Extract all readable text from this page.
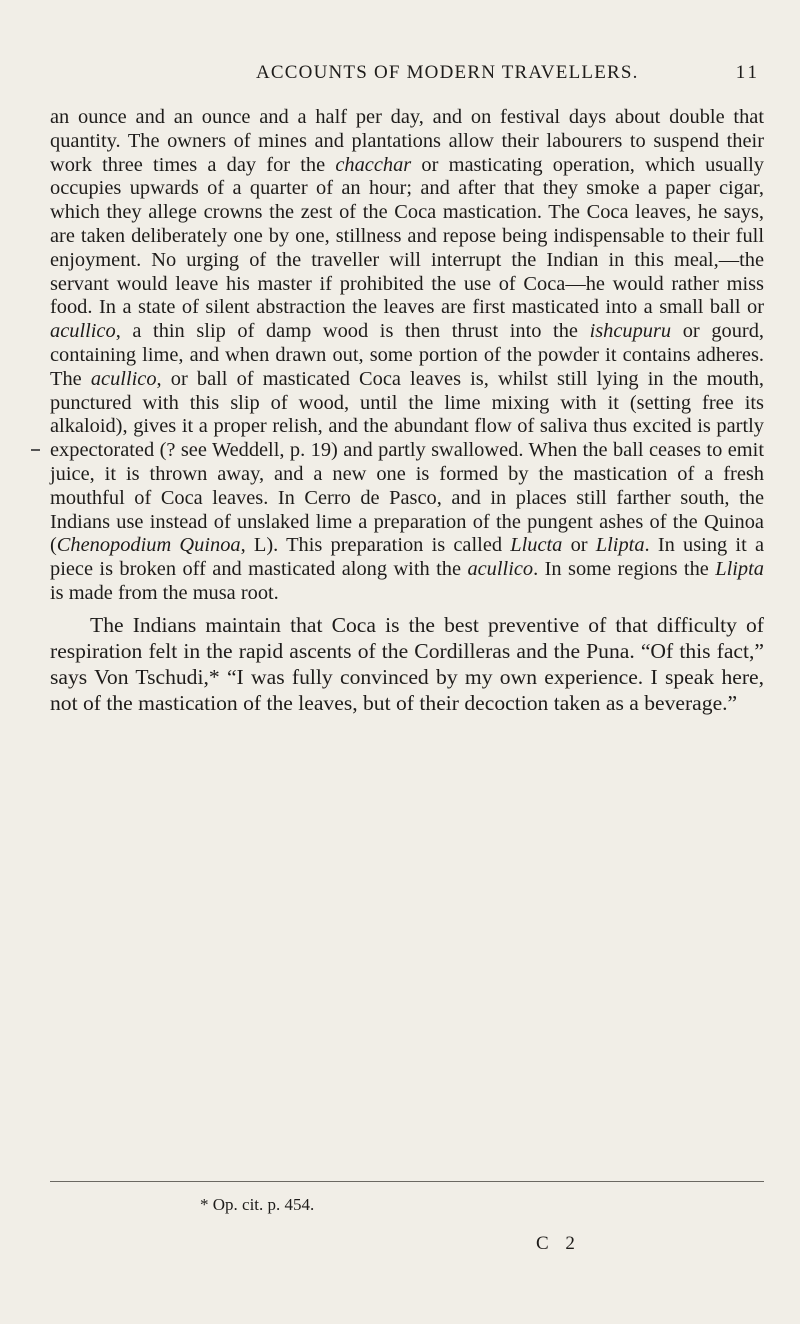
ACCOUNTS OF MODERN TRAVELLERS.	11

an ounce and an ounce and a half per day, and on festival days about double that quantity. The owners of mines and plantations allow their labourers to suspend their work three times a day for the chacchar or masticating operation, which usually occupies upwards of a quarter of an hour; and after that they smoke a paper cigar, which they allege crowns the zest of the Coca mastication. The Coca leaves, he says, are taken deliberately one by one, stillness and repose being indispensable to their full enjoyment. No urging of the traveller will interrupt the Indian in this meal,—the servant would leave his master if prohibited the use of Coca—he would rather miss food. In a state of silent abstraction the leaves are first masticated into a small ball or acullico, a thin slip of damp wood is then thrust into the ishcupuru or gourd, containing lime, and when drawn out, some portion of the powder it contains adheres. The acullico, or ball of masticated Coca leaves is, whilst still lying in the mouth, punctured with this slip of wood, until the lime mixing with it (setting free its alkaloid), gives it a proper relish, and the abundant flow of saliva thus excited is partly expectorated (? see Weddell, p. 19) and partly swallowed. When the ball ceases to emit juice, it is thrown away, and a new one is formed by the mastication of a fresh mouthful of Coca leaves. In Cerro de Pasco, and in places still farther south, the Indians use instead of unslaked lime a preparation of the pungent ashes of the Quinoa (Chenopodium Quinoa, L). This preparation is called Llucta or Llipta. In using it a piece is broken off and masticated along with the acullico. In some regions the Llipta is made from the musa root.

The Indians maintain that Coca is the best preventive of that difficulty of respiration felt in the rapid ascents of the Cordilleras and the Puna. “Of this fact,” says Von Tschudi,* “I was fully convinced by my own experience. I speak here, not of the mastication of the leaves, but of their decoction taken as a beverage.”

* Op. cit. p. 454.
C 2
